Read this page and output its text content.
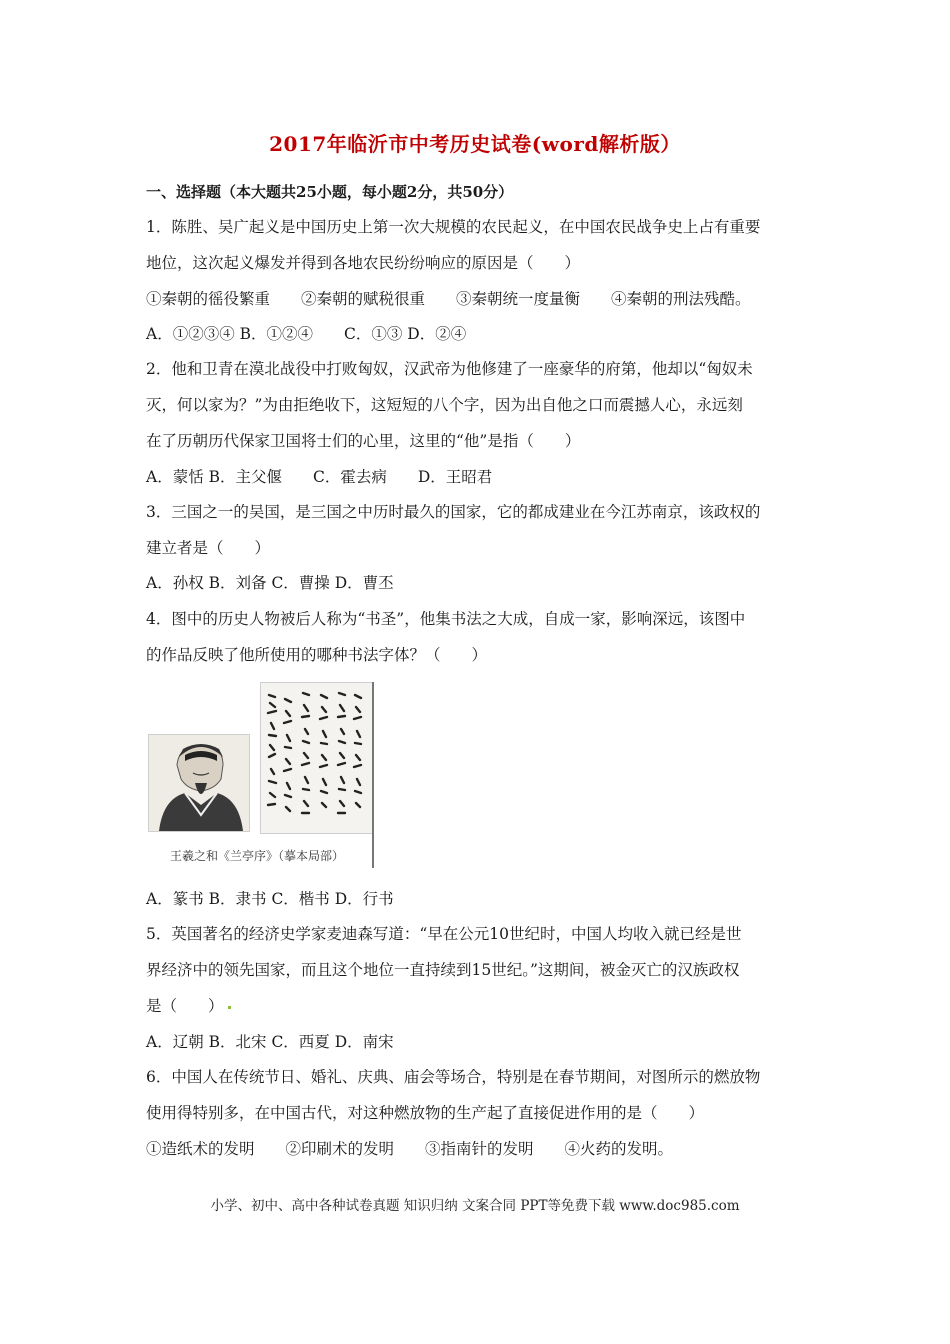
2017年临沂市中考历史试卷(word解析版）
一、选择题（本大题共25小题，每小题2分，共50分）
1．陈胜、吴广起义是中国历史上第一次大规模的农民起义，在中国农民战争史上占有重要
地位，这次起义爆发并得到各地农民纷纷响应的原因是（　　）
①秦朝的徭役繁重　　②秦朝的赋税很重　　③秦朝统一度量衡　　④秦朝的刑法残酷。
A．①②③④ B．①②④　　C．①③ D．②④
2．他和卫青在漠北战役中打败匈奴，汉武帝为他修建了一座豪华的府第，他却以“匈奴未
灭，何以家为？”为由拒绝收下，这短短的八个字，因为出自他之口而震撼人心，永远刻
在了历朝历代保家卫国将士们的心里，这里的“他”是指（　　）
A．蒙恬 B．主父偃　　C．霍去病　　D．王昭君
3．三国之一的吴国，是三国之中历时最久的国家，它的都成建业在今江苏南京，该政权的
建立者是（　　）
A．孙权 B．刘备 C．曹操 D．曹丕
4．图中的历史人物被后人称为“书圣”，他集书法之大成，自成一家，影响深远，该图中
的作品反映了他所使用的哪种书法字体？（　　）
王羲之和《兰亭序》（摹本局部）
A．篆书 B．隶书 C．楷书 D．行书
5．英国著名的经济史学家麦迪森写道：“早在公元10世纪时，中国人均收入就已经是世
界经济中的领先国家，而且这个地位一直持续到15世纪。”这期间，被金灭亡的汉族政权
是（　　）
A．辽朝 B．北宋 C．西夏 D．南宋
6．中国人在传统节日、婚礼、庆典、庙会等场合，特别是在春节期间，对图所示的燃放物
使用得特别多，在中国古代，对这种燃放物的生产起了直接促进作用的是（　　）
①造纸术的发明　　②印刷术的发明　　③指南针的发明　　④火药的发明。
小学、初中、高中各种试卷真题 知识归纳 文案合同 PPT等免费下载 www.doc985.com
